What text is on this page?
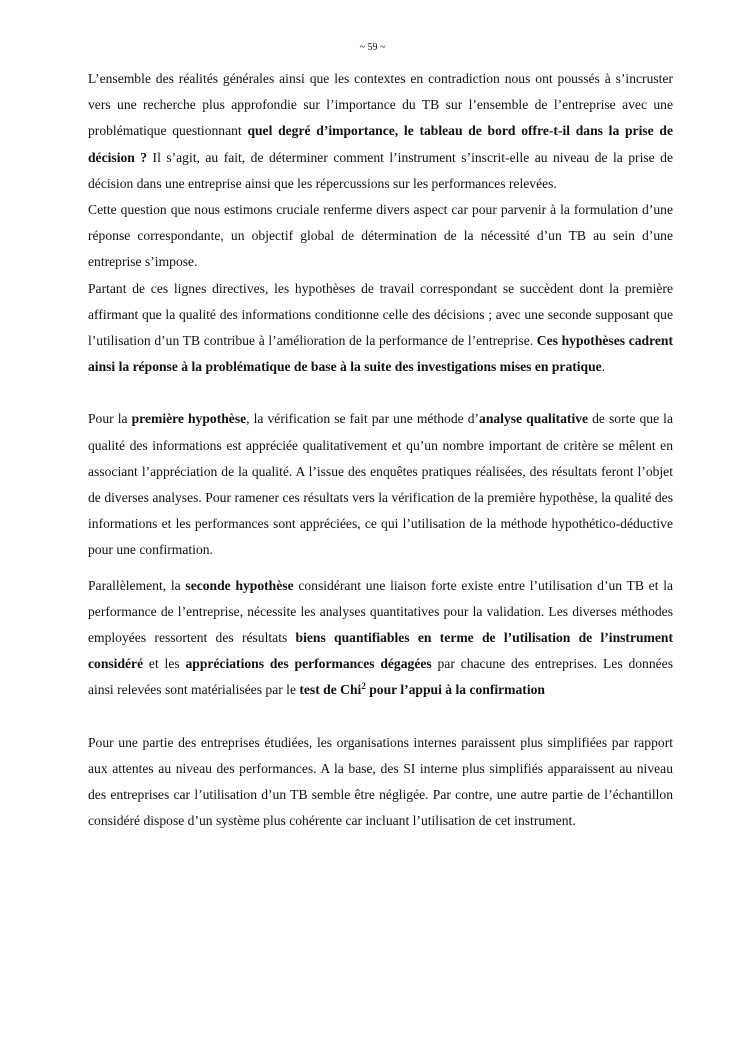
~ 59 ~

L’ensemble des réalités générales ainsi que les contextes en contradiction nous ont poussés à s’incruster vers une recherche plus approfondie sur l’importance du TB sur l’ensemble de l’entreprise avec une problématique questionnant quel degré d’importance, le tableau de bord offre-t-il dans la prise de décision ? Il s’agit, au fait, de déterminer comment l’instrument s’inscrit-elle au niveau de la prise de décision dans une entreprise ainsi que les répercussions sur les performances relevées.

Cette question que nous estimons cruciale renferme divers aspect car pour parvenir à la formulation d’une réponse correspondante, un objectif global de détermination de la nécessité d’un TB au sein d’une entreprise s’impose.

Partant de ces lignes directives, les hypothèses de travail correspondant se succèdent dont la première affirmant que la qualité des informations conditionne celle des décisions ; avec une seconde supposant que l’utilisation d’un TB contribue à l’amélioration de la performance de l’entreprise. Ces hypothèses cadrent ainsi la réponse à la problématique de base à la suite des investigations mises en pratique.

Pour la première hypothèse, la vérification se fait par une méthode d’analyse qualitative de sorte que la qualité des informations est appréciée qualitativement et qu’un nombre important de critère se mêlent en associant l’appréciation de la qualité. A l’issue des enquêtes pratiques réalisées, des résultats feront l’objet de diverses analyses. Pour ramener ces résultats vers la vérification de la première hypothèse, la qualité des informations et les performances sont appréciées, ce qui l’utilisation de la méthode hypothético-déductive pour une confirmation.

Parallèlement, la seconde hypothèse considérant une liaison forte existe entre l’utilisation d’un TB et la performance de l’entreprise, nécessite les analyses quantitatives pour la validation. Les diverses méthodes employées ressortent des résultats biens quantifiables en terme de l’utilisation de l’instrument considéré et les appréciations des performances dégagées par chacune des entreprises. Les données ainsi relevées sont matérialisées par le test de Chi$^2$ pour l’appui à la confirmation

Pour une partie des entreprises étudiées, les organisations internes paraissent plus simplifiées par rapport aux attentes au niveau des performances. A la base, des SI interne plus simplifiés apparaissent au niveau des entreprises car l’utilisation d’un TB semble être négligée. Par contre, une autre partie de l’échantillon considéré dispose d’un système plus cohérente car incluant l’utilisation de cet instrument.
